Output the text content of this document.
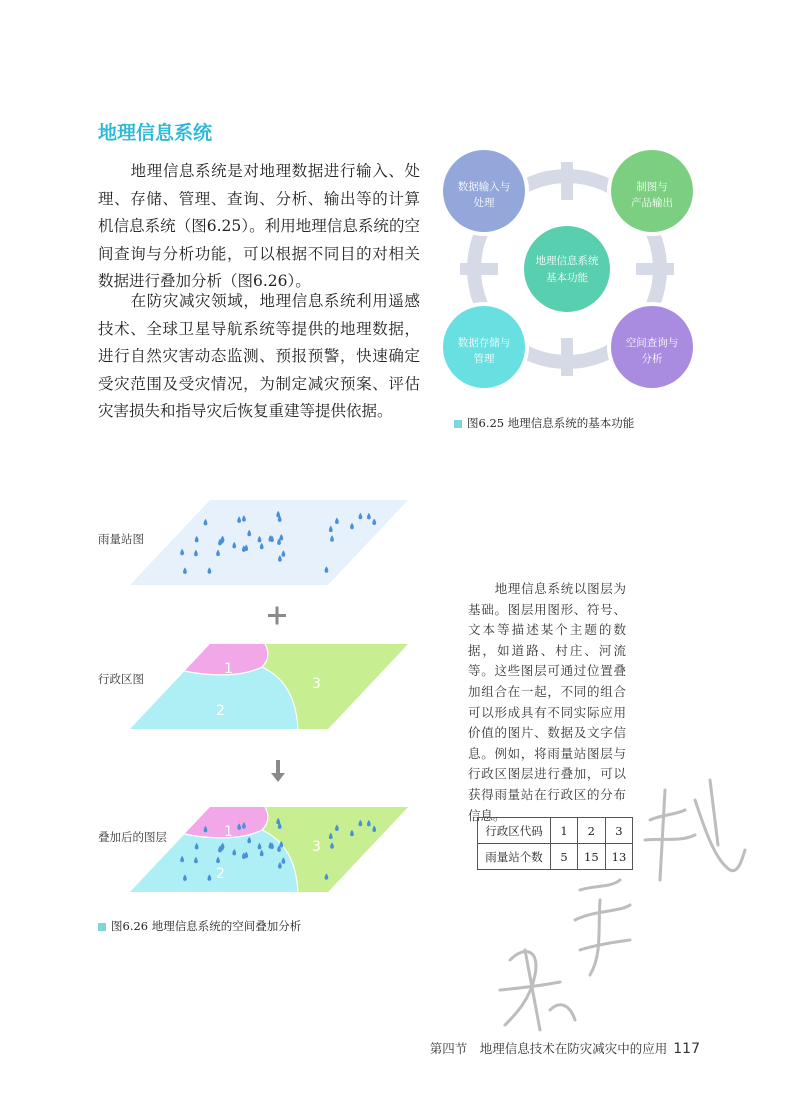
地理信息系统

地理信息系统是对地理数据进行输入、处理、存储、管理、查询、分析、输出等的计算机信息系统（图6.25）。利用地理信息系统的空间查询与分析功能，可以根据不同目的对相关数据进行叠加分析（图6.26）。

在防灾减灾领域，地理信息系统利用遥感技术、全球卫星导航系统等提供的地理数据，进行自然灾害动态监测、预报预警，快速确定受灾范围及受灾情况，为制定减灾预案、评估灾害损失和指导灾后恢复重建等提供依据。

地理信息系统
基本功能
数据输入与
处理
制图与
产品输出
数据存储与
管理
空间查询与
分析
图6.25 地理信息系统的基本功能
雨量站图
行政区图
叠加后的图层
1
2
3
1
2
3
图6.26 地理信息系统的空间叠加分析

地理信息系统以图层为基础。图层用图形、符号、文本等描述某个主题的数据，如道路、村庄、河流等。这些图层可通过位置叠加组合在一起，不同的组合可以形成具有不同实际应用价值的图片、数据及文字信息。例如，将雨量站图层与行政区图层进行叠加，可以获得雨量站在行政区的分布信息。

行政区代码	1	2	3
雨量站个数	5	15	13
第四节　地理信息技术在防灾减灾中的应用 117
